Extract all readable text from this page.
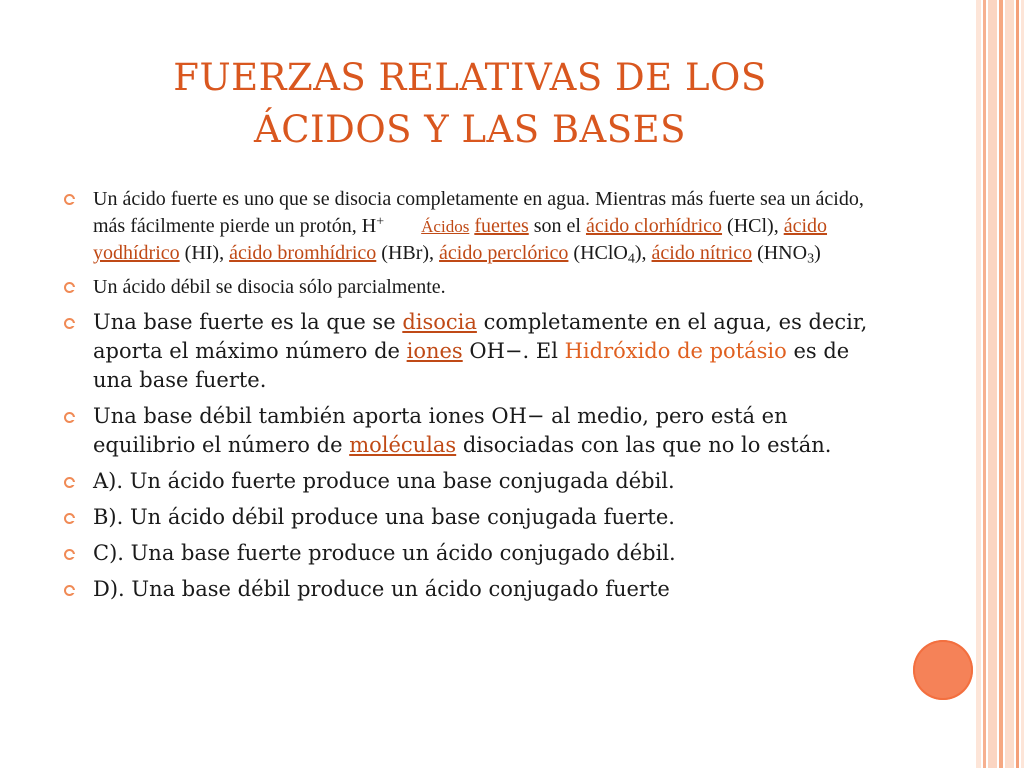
FUERZAS RELATIVAS DE LOS
ÁCIDOS Y LAS BASES
Un ácido fuerte es uno que se disocia completamente en agua. Mientras más fuerte sea un ácido, más fácilmente pierde un protón, H+ Ácidos fuertes son el ácido clorhídrico (HCl), ácido yodhídrico (HI), ácido bromhídrico (HBr), ácido perclórico (HClO$_4$), ácido nítrico $(HNO_3)$
Un ácido débil se disocia sólo parcialmente.
Una base fuerte es la que se disocia completamente en el agua, es decir, aporta el máximo número de iones OH−. El Hidróxido de potásio es de una base fuerte.
Una base débil también aporta iones OH− al medio, pero está en equilibrio el número de moléculas disociadas con las que no lo están.
A). Un ácido fuerte produce una base conjugada débil.
B). Un ácido débil produce una base conjugada fuerte.
C). Una base fuerte produce un ácido conjugado débil.
D). Una base débil produce un ácido conjugado fuerte
